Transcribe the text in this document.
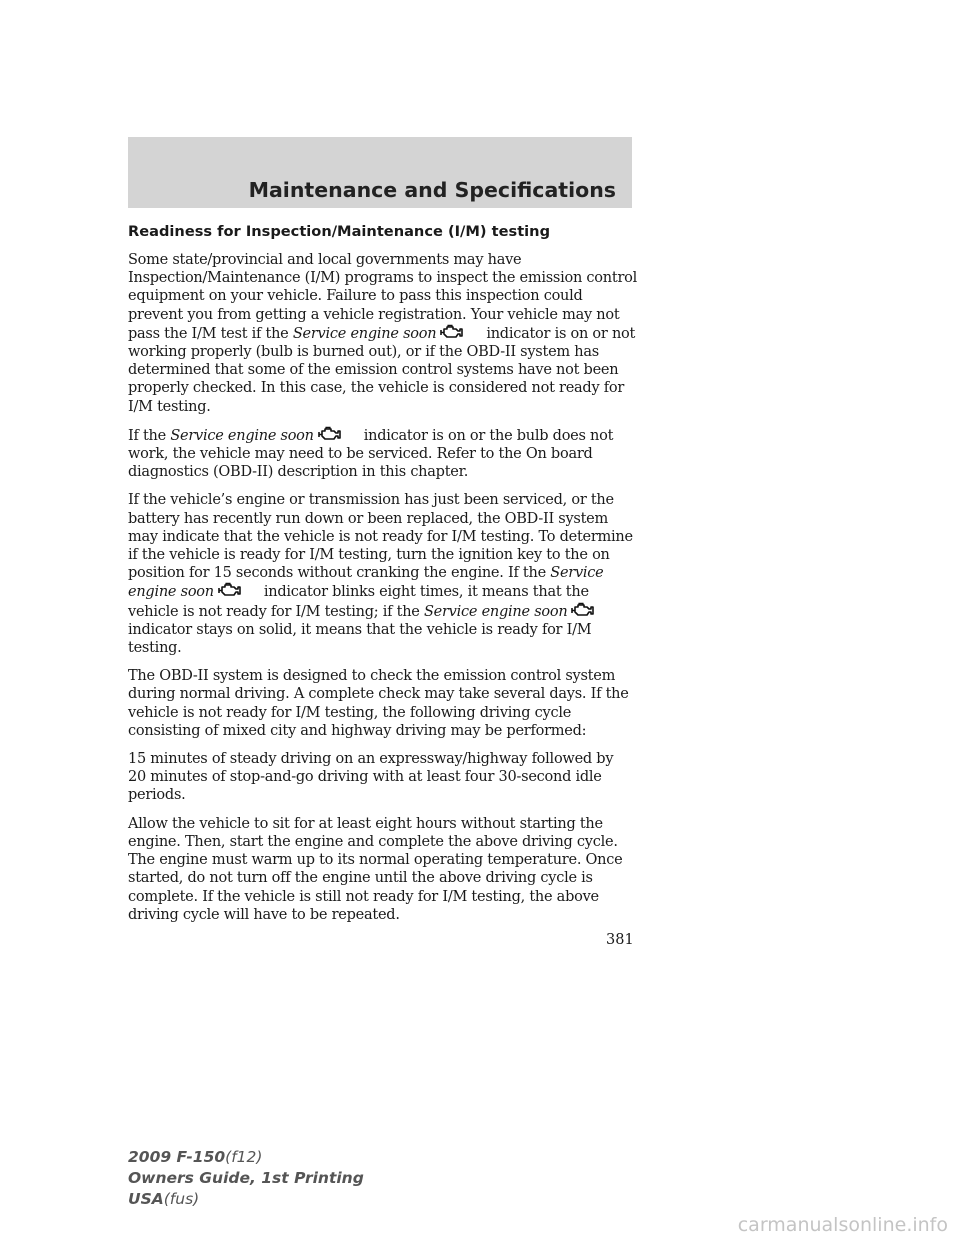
Maintenance and Specifications
Readiness for Inspection/Maintenance (I/M) testing

Some state/provincial and local governments may have Inspection/Maintenance (I/M) programs to inspect the emission control equipment on your vehicle. Failure to pass this inspection could prevent you from getting a vehicle registration. Your vehicle may not pass the I/M test if the Service engine soon	indicator is on or not working properly (bulb is burned out), or if the OBD-II system has determined that some of the emission control systems have not been properly checked. In this case, the vehicle is considered not ready for I/M testing.

If the Service engine soon	indicator is on or the bulb does not work, the vehicle may need to be serviced. Refer to the On board diagnostics (OBD-II) description in this chapter.

If the vehicle’s engine or transmission has just been serviced, or the battery has recently run down or been replaced, the OBD-II system may indicate that the vehicle is not ready for I/M testing. To determine if the vehicle is ready for I/M testing, turn the ignition key to the on position for 15 seconds without cranking the engine. If the Service engine soon	indicator blinks eight times, it means that the vehicle is not ready for I/M testing; if the Service engine soon
indicator stays on solid, it means that the vehicle is ready for I/M testing.

The OBD-II system is designed to check the emission control system during normal driving. A complete check may take several days. If the vehicle is not ready for I/M testing, the following driving cycle consisting of mixed city and highway driving may be performed:

15 minutes of steady driving on an expressway/highway followed by
20 minutes of stop-and-go driving with at least four 30-second idle periods.

Allow the vehicle to sit for at least eight hours without starting the engine. Then, start the engine and complete the above driving cycle. The engine must warm up to its normal operating temperature. Once started, do not turn off the engine until the above driving cycle is complete. If the vehicle is still not ready for I/M testing, the above driving cycle will have to be repeated.

381
2009 F-150(f12)
Owners Guide, 1st Printing
USA(fus)
carmanualsonline.info
